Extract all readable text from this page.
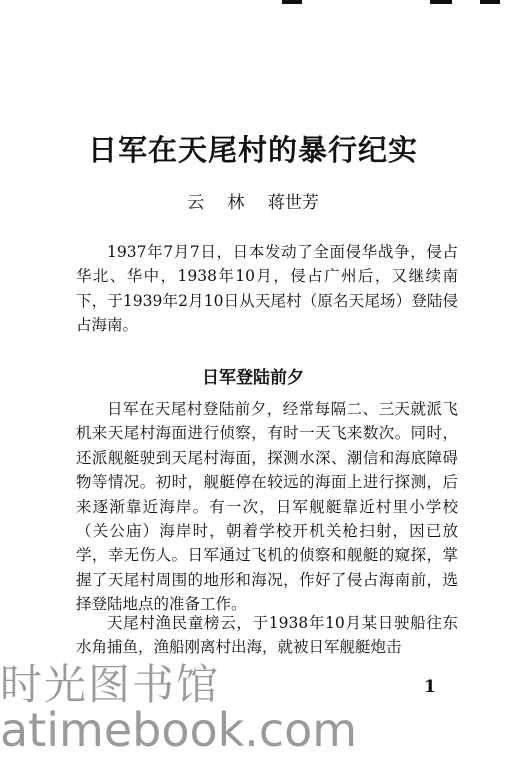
日军在天尾村的暴行纪实
云 林 蒋世芳

1937年7月7日，日本发动了全面侵华战争，侵占华北、华中，1938年10月，侵占广州后，又继续南下，于1939年2月10日从天尾村（原名天尾场）登陆侵占海南。

日军登陆前夕

日军在天尾村登陆前夕，经常每隔二、三天就派飞机来天尾村海面进行侦察，有时一天飞来数次。同时，还派舰艇驶到天尾村海面，探测水深、潮信和海底障碍物等情况。初时，舰艇停在较远的海面上进行探测，后来逐渐靠近海岸。有一次，日军舰艇靠近村里小学校（关公庙）海岸时，朝着学校开机关枪扫射，因已放学，幸无伤人。日军通过飞机的侦察和舰艇的窥探，掌握了天尾村周围的地形和海况，作好了侵占海南前，选择登陆地点的准备工作。

天尾村渔民童榜云，于1938年10月某日驶船往东水角捕鱼，渔船刚离村出海，就被日军舰艇炮击

1
时光图书馆
atimebook.com
